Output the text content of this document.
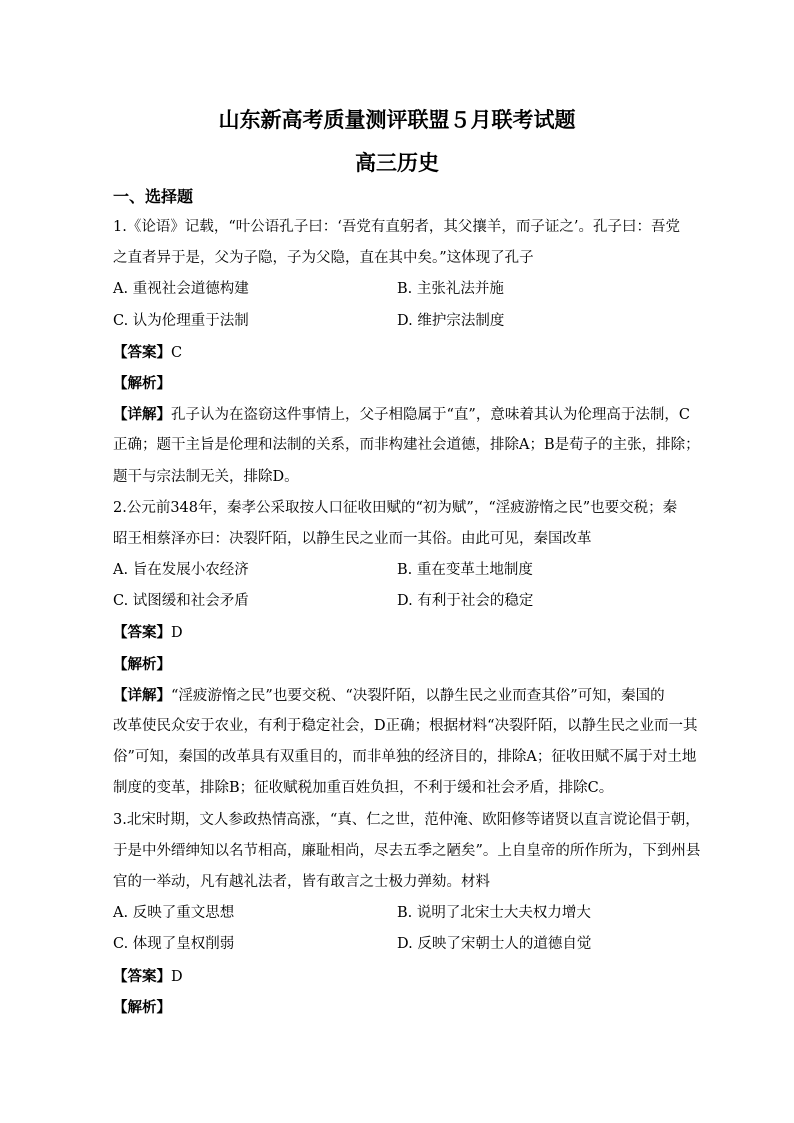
山东新高考质量测评联盟５月联考试题
高三历史
一、选择题
1.《论语》记载，“叶公语孔子曰：‘吾党有直躬者，其父攘羊，而子证之’。孔子曰：吾党
之直者异于是，父为子隐，子为父隐，直在其中矣。”这体现了孔子
A. 重视社会道德构建	B. 主张礼法并施
C. 认为伦理重于法制	D. 维护宗法制度
【答案】C
【解析】
【详解】孔子认为在盗窃这件事情上，父子相隐属于“直”，意味着其认为伦理高于法制，C
正确；题干主旨是伦理和法制的关系，而非构建社会道德，排除A；B是荀子的主张，排除；
题干与宗法制无关，排除D。
2.公元前348年，秦孝公采取按人口征收田赋的“初为赋”，“淫疲游惰之民”也要交税；秦
昭王相蔡泽亦曰：决裂阡陌，以静生民之业而一其俗。由此可见，秦国改革
A. 旨在发展小农经济	B. 重在变革土地制度
C. 试图缓和社会矛盾	D. 有利于社会的稳定
【答案】D
【解析】
【详解】“淫疲游惰之民”也要交税、“决裂阡陌，以静生民之业而查其俗”可知，秦国的
改革使民众安于农业，有利于稳定社会，D正确；根据材料“决裂阡陌，以静生民之业而一其
俗”可知，秦国的改革具有双重目的，而非单独的经济目的，排除A；征收田赋不属于对土地
制度的变革，排除B；征收赋税加重百姓负担，不利于缓和社会矛盾，排除C。
3.北宋时期，文人参政热情高涨，“真、仁之世，范仲淹、欧阳修等诸贤以直言谠论倡于朝，
于是中外缙绅知以名节相高，廉耻相尚，尽去五季之陋矣”。上自皇帝的所作所为，下到州县
官的一举动，凡有越礼法者，皆有敢言之士极力弹劾。材料
A. 反映了重文思想	B. 说明了北宋士大夫权力增大
C. 体现了皇权削弱	D. 反映了宋朝士人的道德自觉
【答案】D
【解析】
